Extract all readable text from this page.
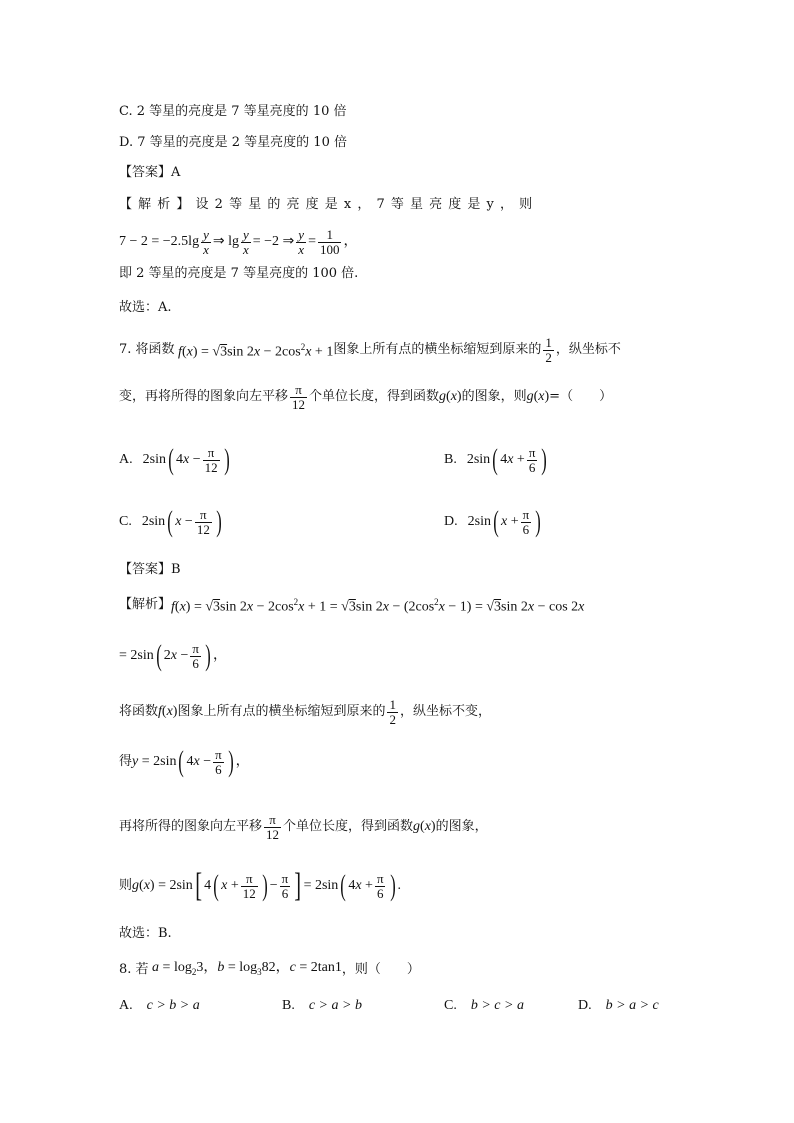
C. 2 等星的亮度是 7 等星亮度的 10 倍
D. 7 等星的亮度是 2 等星亮度的 10 倍
【答案】A
【 解 析 】 设 2 等 星 的 亮 度 是 x ， 7 等 星 亮 度 是 y ， 则
$7 - 2 = -2.5\lg \frac{y}{x}$ ⇒ $\lg \frac{y}{x} = -2$ ⇒ $\frac{y}{x} = \frac{1}{100}$ ，
即 2 等星的亮度是 7 等星亮度的 100 倍.
故选：A.
7. 将函数 f(x) = √3sin $2x - 2\cos^2x + 1$ 图象上所有点的横坐标缩短到原来的 $\frac{1}{2}$ ，纵坐标不
变，再将所得的图象向左平移 $\frac{\pi}{12}$ 个单位长度，得到函数 g(x) 的图象，则 g(x) =（　　）
A. 2sin ( $4x - \frac{\pi}{12}$ )	B. 2sin ( $4x + \frac{\pi}{6}$ )
C. 2sin ( $x - \frac{\pi}{12}$ )	D. 2sin ( $x + \frac{\pi}{6}$ )
【答案】B
【解析】 f(x) = √3sin $2x - 2\cos^2x + 1 = √3\sin$ $2x - (2\cos^2x - 1) = √3\sin$ 2x − cos 2x
= 2sin ( $2x - \frac{\pi}{6}$ ) ，
将函数 f(x) 图象上所有点的横坐标缩短到原来的 $\frac{1}{2}$ ，纵坐标不变，
得 y = 2sin ( $4x - \frac{\pi}{6}$ ) ，
再将所得的图象向左平移 $\frac{\pi}{12}$ 个单位长度，得到函数 g(x) 的图象，
则 g(x) = 2sin [ 4 ( $x + \frac{\pi}{12}$ ) − $\frac{\pi}{6}$ ] = 2sin ( $4x + \frac{\pi}{6}$ ) .
故选：B.
8. 若 $a = \log_23$，$b = \log_382$，c = 2tan1 ，则（　　）
A. c > b > a	B. c > a > b	C. b > c > a	D. b > a > c
